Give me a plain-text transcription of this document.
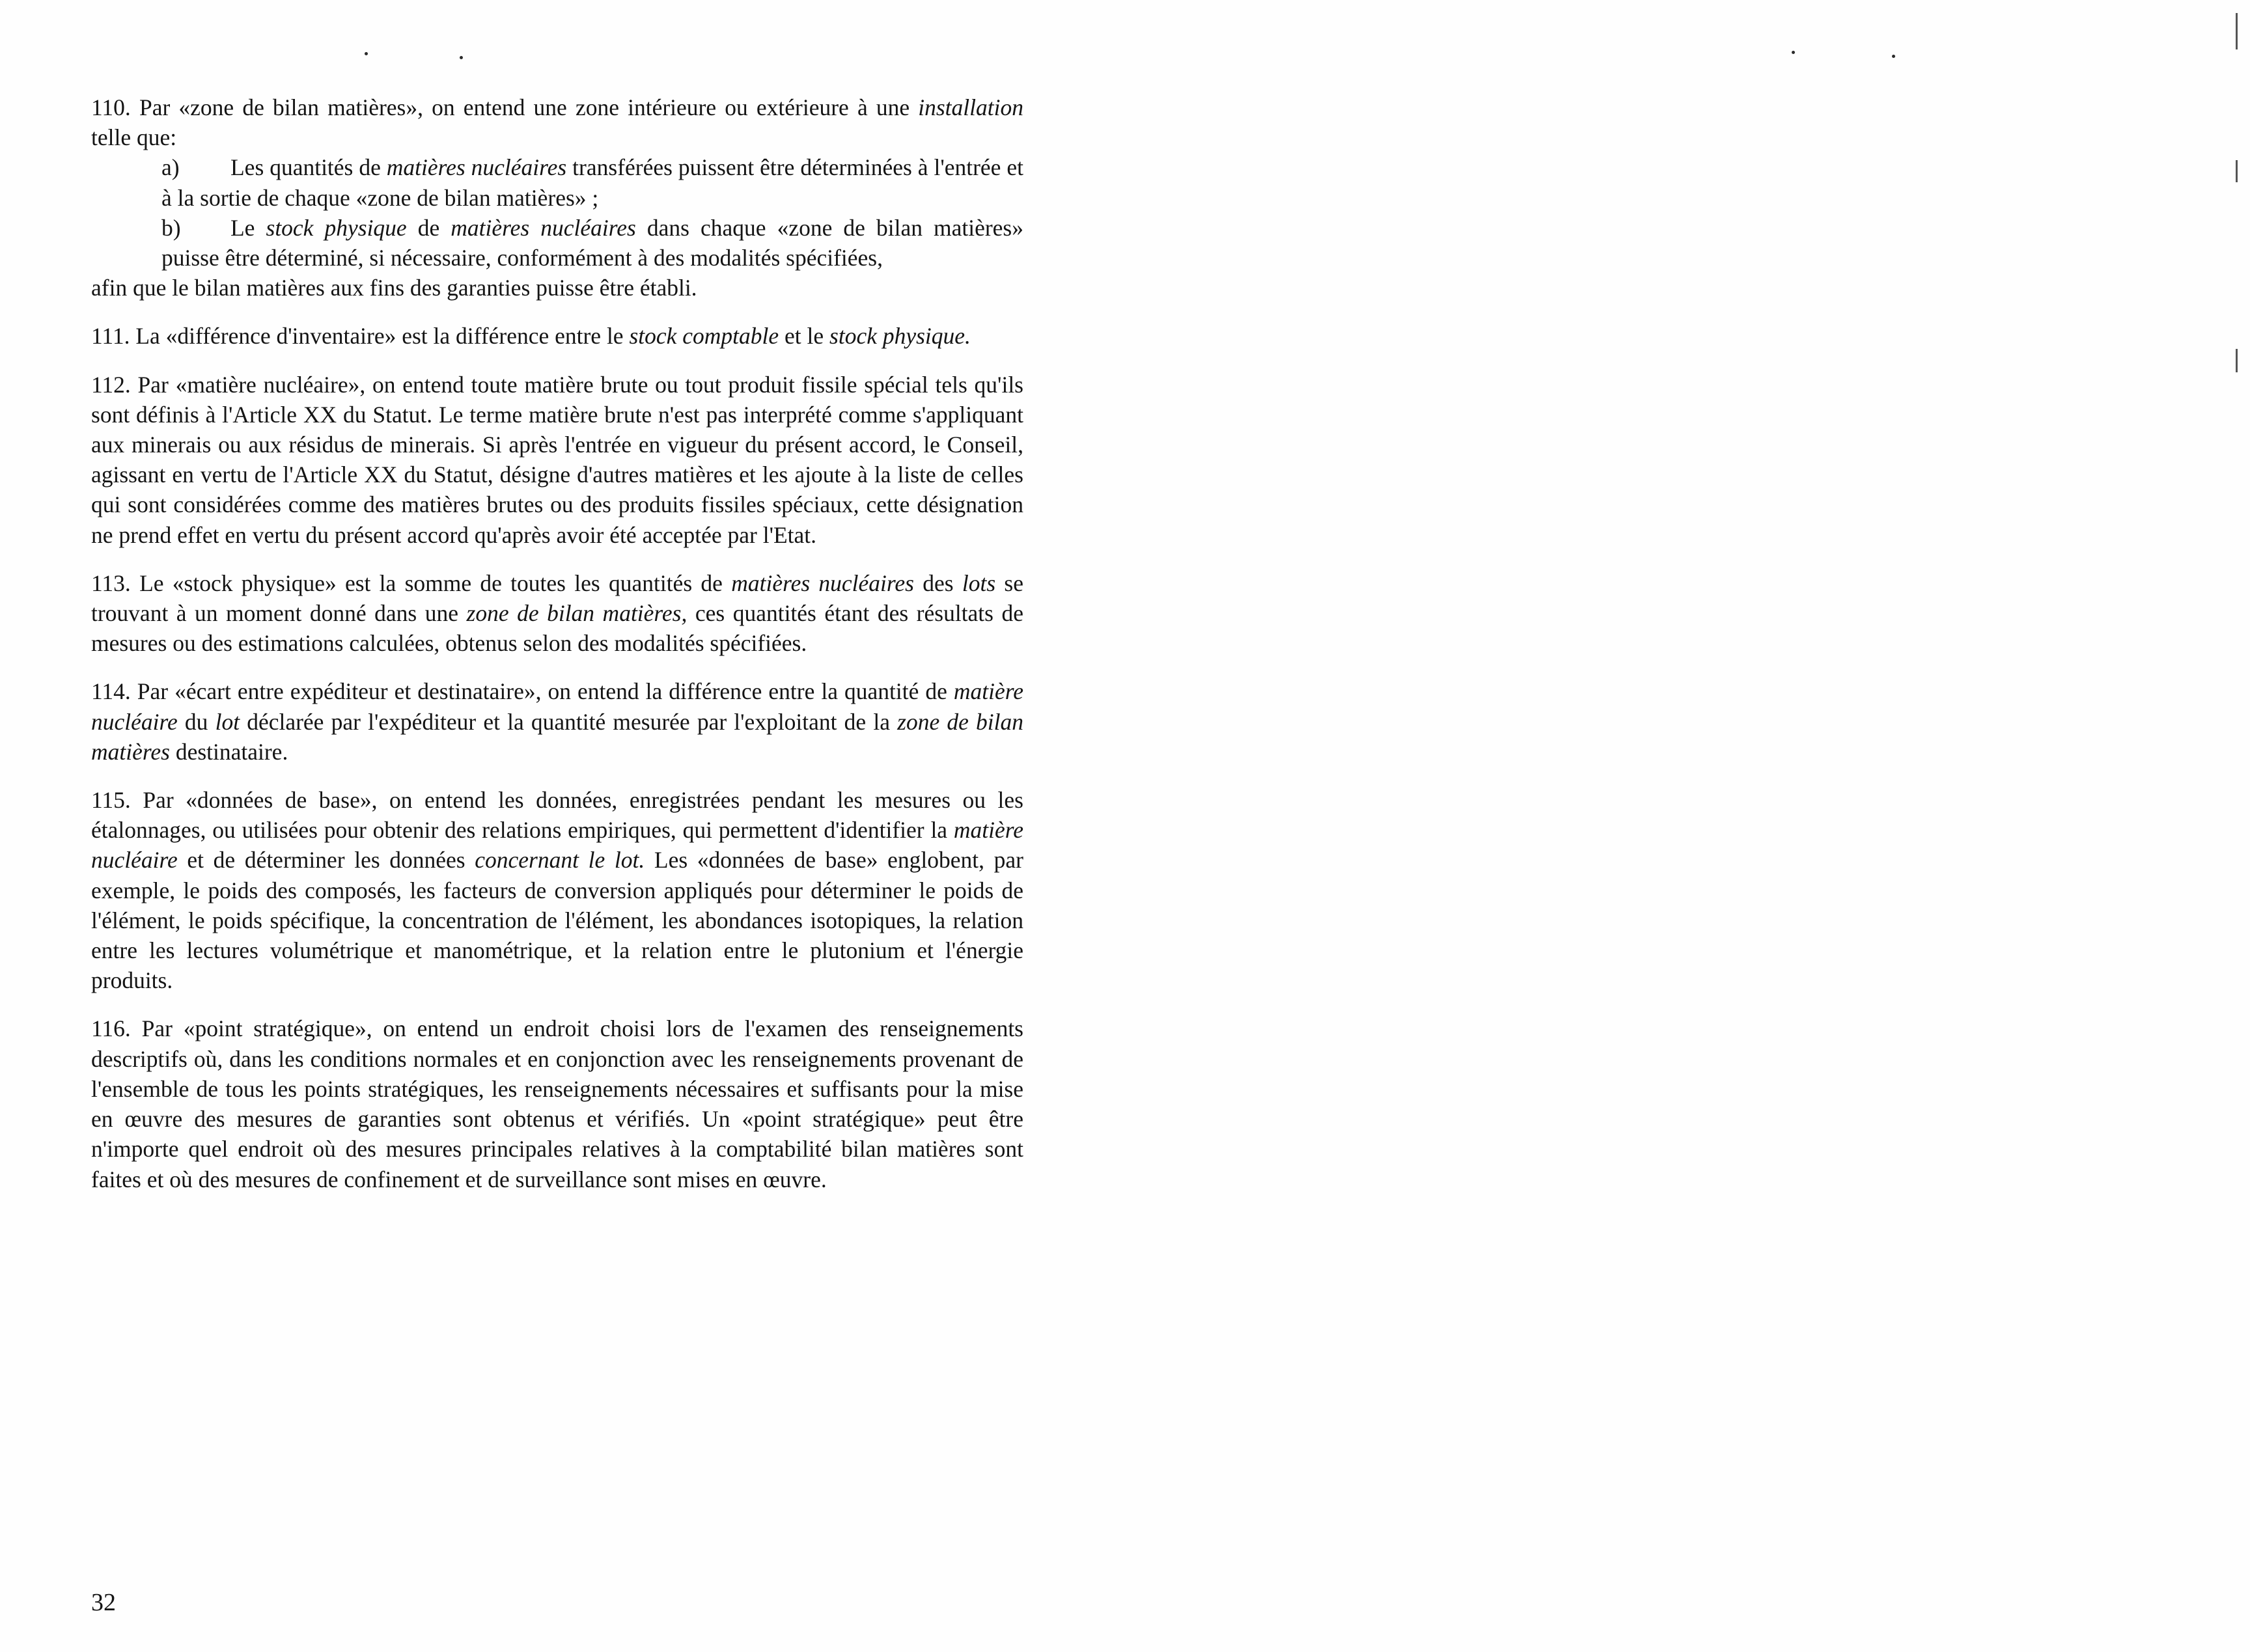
110. Par «zone de bilan matières», on entend une zone intérieure ou extérieure à une installation telle que:
a) Les quantités de matières nucléaires transférées puissent être déterminées à l'entrée et à la sortie de chaque «zone de bilan matières» ;
b) Le stock physique de matières nucléaires dans chaque «zone de bilan matières» puisse être déterminé, si nécessaire, conformément à des modalités spécifiées,
afin que le bilan matières aux fins des garanties puisse être établi.
111. La «différence d'inventaire» est la différence entre le stock comptable et le stock physique.
112. Par «matière nucléaire», on entend toute matière brute ou tout produit fissile spécial tels qu'ils sont définis à l'Article XX du Statut. Le terme matière brute n'est pas interprété comme s'appliquant aux minerais ou aux résidus de minerais. Si après l'entrée en vigueur du présent accord, le Conseil, agissant en vertu de l'Article XX du Statut, désigne d'autres matières et les ajoute à la liste de celles qui sont considérées comme des matières brutes ou des produits fissiles spéciaux, cette désignation ne prend effet en vertu du présent accord qu'après avoir été acceptée par l'Etat.
113. Le «stock physique» est la somme de toutes les quantités de matières nucléaires des lots se trouvant à un moment donné dans une zone de bilan matières, ces quantités étant des résultats de mesures ou des estimations calculées, obtenus selon des modalités spécifiées.
114. Par «écart entre expéditeur et destinataire», on entend la différence entre la quantité de matière nucléaire du lot déclarée par l'expéditeur et la quantité mesurée par l'exploitant de la zone de bilan matières destinataire.
115. Par «données de base», on entend les données, enregistrées pendant les mesures ou les étalonnages, ou utilisées pour obtenir des relations empiriques, qui permettent d'identifier la matière nucléaire et de déterminer les données concernant le lot. Les «données de base» englobent, par exemple, le poids des composés, les facteurs de conversion appliqués pour déterminer le poids de l'élément, le poids spécifique, la concentration de l'élément, les abondances isotopiques, la relation entre les lectures volumétrique et manométrique, et la relation entre le plutonium et l'énergie produits.
116. Par «point stratégique», on entend un endroit choisi lors de l'examen des renseignements descriptifs où, dans les conditions normales et en conjonction avec les renseignements provenant de l'ensemble de tous les points stratégiques, les renseignements nécessaires et suffisants pour la mise en œuvre des mesures de garanties sont obtenus et vérifiés. Un «point stratégique» peut être n'importe quel endroit où des mesures principales relatives à la comptabilité bilan matières sont faites et où des mesures de confinement et de surveillance sont mises en œuvre.
32
